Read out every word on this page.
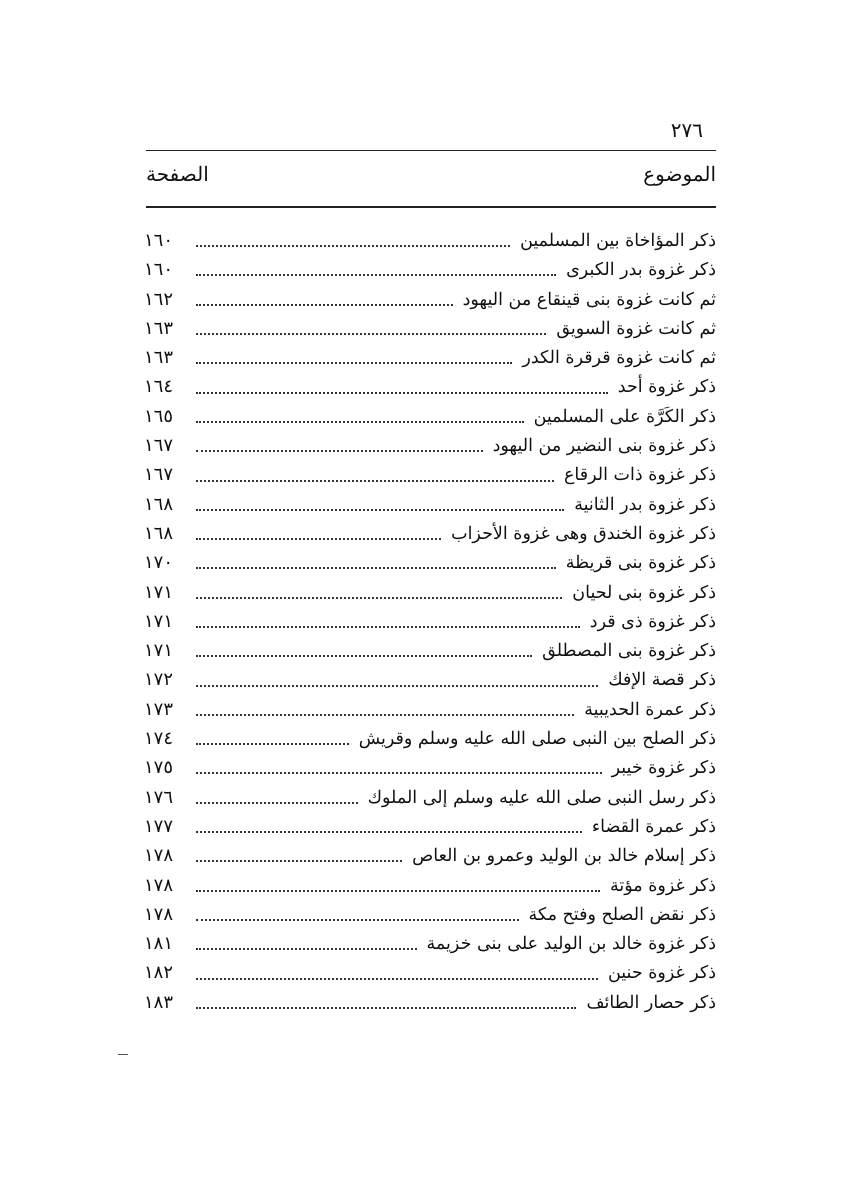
٢٧٦
الموضوع
الصفحة
ذكر المؤاخاة بين المسلمين
١٦٠
ذكر غزوة بدر الكبرى
١٦٠
ثم كانت غزوة بنى قينقاع من اليهود
١٦٢
ثم كانت غزوة السويق
١٦٣
ثم كانت غزوة قرقرة الكدر
١٦٣
ذكر غزوة أحد
١٦٤
ذكر الكَرَّة على المسلمين
١٦٥
ذكر غزوة بنى النضير من اليهود
١٦٧
ذكر غزوة ذات الرقاع
١٦٧
ذكر غزوة بدر الثانية
١٦٨
ذكر غزوة الخندق وهى غزوة الأحزاب
١٦٨
ذكر غزوة بنى قريظة
١٧٠
ذكر غزوة بنى لحيان
١٧١
ذكر غزوة ذى قرد
١٧١
ذكر غزوة بنى المصطلق
١٧١
ذكر قصة الإفك
١٧٢
ذكر عمرة الحديبية
١٧٣
ذكر الصلح بين النبى صلى الله عليه وسلم وقريش
١٧٤
ذكر غزوة خيبر
١٧٥
ذكر رسل النبى صلى الله عليه وسلم إلى الملوك
١٧٦
ذكر عمرة القضاء
١٧٧
ذكر إسلام خالد بن الوليد وعمرو بن العاص
١٧٨
ذكر غزوة مؤتة
١٧٨
ذكر نقض الصلح وفتح مكة
١٧٨
ذكر غزوة خالد بن الوليد على بنى خزيمة
١٨١
ذكر غزوة حنين
١٨٢
ذكر حصار الطائف
١٨٣
